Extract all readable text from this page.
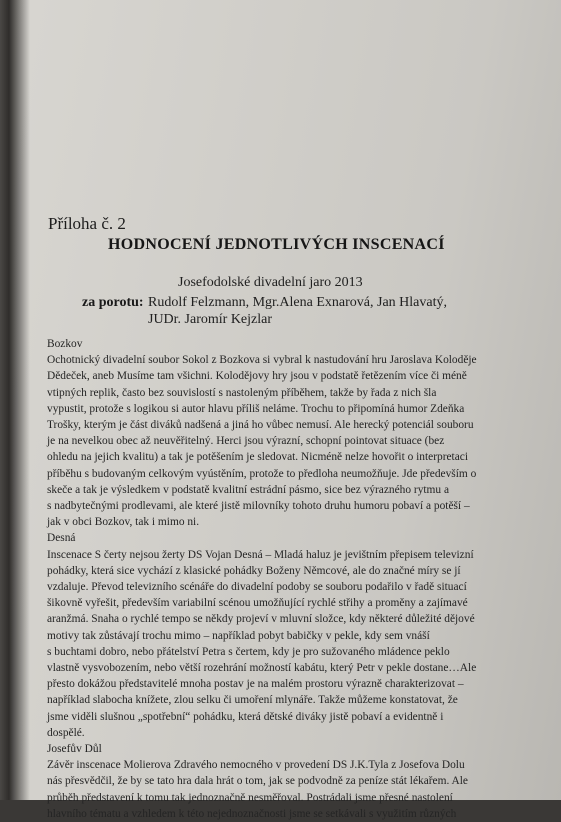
Příloha č. 2
HODNOCENÍ JEDNOTLIVÝCH INSCENACÍ
Josefodolské divadelní jaro 2013
za porotu: Rudolf Felzmann, Mgr.Alena Exnarová, Jan Hlavatý,
JUDr. Jaromír Kejzlar
Bozkov
Ochotnický divadelní soubor Sokol z Bozkova si vybral k nastudování hru Jaroslava Koloděje
Dědeček, aneb Musíme tam všichni. Kolodějovy hry jsou v podstatě řetězením více či méně
vtipných replik, často bez souvislostí s nastoleným příběhem, takže by řada z nich šla
vypustit, protože s logikou si autor hlavu příliš neláme. Trochu to připomíná humor Zdeňka
Trošky, kterým je část diváků nadšená a jiná ho vůbec nemusí. Ale herecký potenciál souboru
je na nevelkou obec až neuvěřitelný. Herci jsou výrazní, schopní pointovat situace (bez
ohledu na jejich kvalitu) a tak je potěšením je sledovat. Nicméně nelze hovořit o interpretaci
příběhu s budovaným celkovým vyústěním, protože to předloha neumožňuje. Jde především o
skeče a tak je výsledkem v podstatě kvalitní estrádní pásmo, sice bez výrazného rytmu a
s nadbytečnými prodlevami, ale které jistě milovníky tohoto druhu humoru pobaví a potěší –
jak v obci Bozkov, tak i mimo ni.
Desná
Inscenace S čerty nejsou žerty DS Vojan Desná – Mladá haluz je jevištním přepisem televizní
pohádky, která sice vychází z klasické pohádky Boženy Němcové, ale do značné míry se jí
vzdaluje. Převod televizního scénáře do divadelní podoby se souboru podařilo v řadě situací
šikovně vyřešit, především variabilní scénou umožňující rychlé střihy a proměny a zajímavé
aranžmá. Snaha o rychlé tempo se někdy projeví v mluvní složce, kdy některé důležité dějové
motivy tak zůstávají trochu mimo – například pobyt babičky v pekle, kdy sem vnáší
s buchtami dobro, nebo přátelství Petra s čertem, kdy je pro sužovaného mládence peklo
vlastně vysvobozením, nebo větší rozehrání možností kabátu, který Petr v pekle dostane…Ale
přesto dokážou představitelé mnoha postav je na malém prostoru výrazně charakterizovat –
například slabocha knížete, zlou selku či umoření mlynáře. Takže můžeme konstatovat, že
jsme viděli slušnou „spotřební“ pohádku, která dětské diváky jistě pobaví a evidentně i
dospělé.
Josefův Důl
Závěr inscenace Molierova Zdravého nemocného v provedení DS J.K.Tyla z Josefova Dolu
nás přesvědčil, že by se tato hra dala hrát o tom, jak se podvodně za peníze stát lékařem. Ale
průběh představení k tomu tak jednoznačně nesměřoval. Postrádali jsme přesné nastolení
hlavního tématu a vzhledem k této nejednoznačnosti jsme se setkávali s využitím různých
